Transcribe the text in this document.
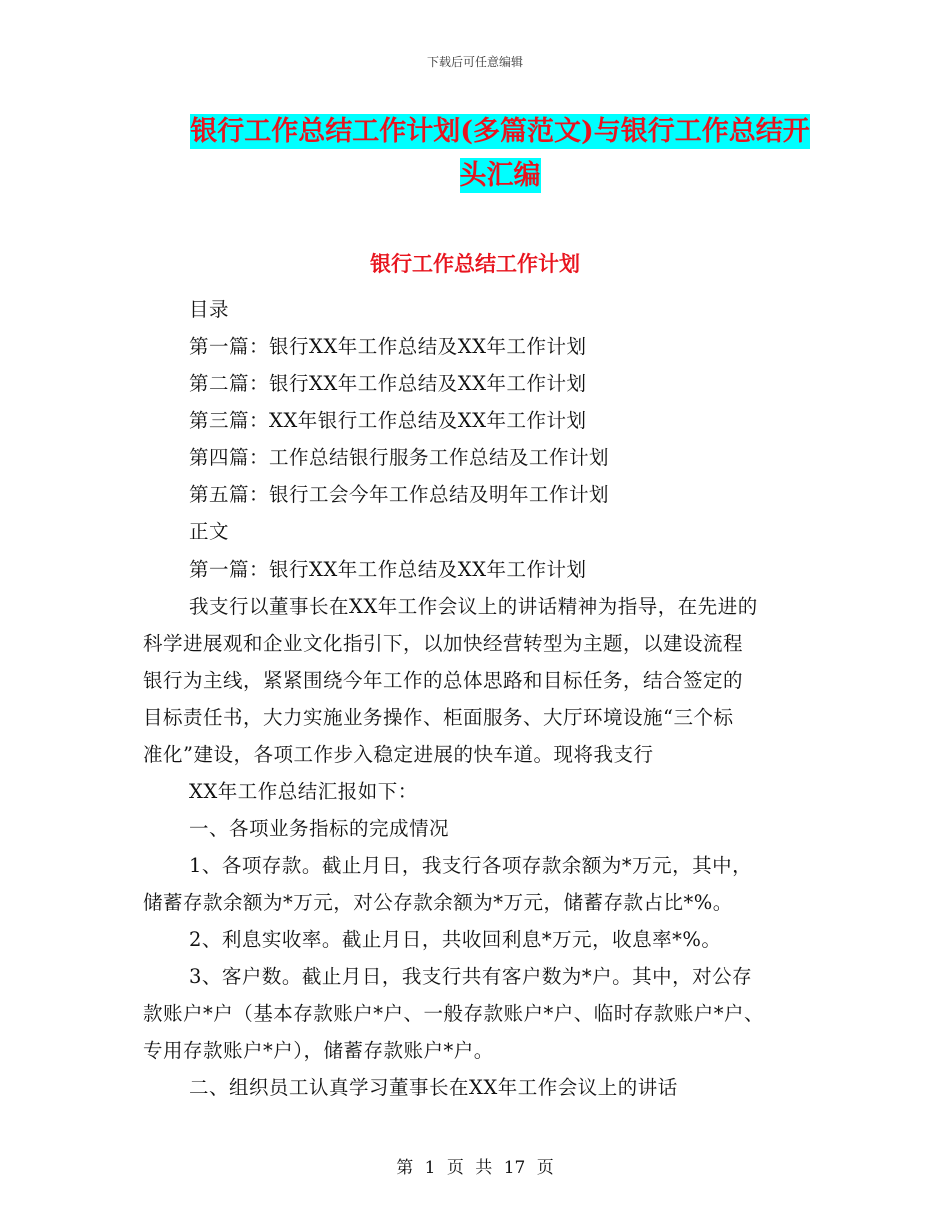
下载后可任意编辑
银行工作总结工作计划(多篇范文)与银行工作总结开
头汇编
银行工作总结工作计划
目录
第一篇：银行XX年工作总结及XX年工作计划
第二篇：银行XX年工作总结及XX年工作计划
第三篇：XX年银行工作总结及XX年工作计划
第四篇：工作总结银行服务工作总结及工作计划
第五篇：银行工会今年工作总结及明年工作计划
正文
第一篇：银行XX年工作总结及XX年工作计划
我支行以董事长在XX年工作会议上的讲话精神为指导，在先进的
科学进展观和企业文化指引下，以加快经营转型为主题，以建设流程
银行为主线，紧紧围绕今年工作的总体思路和目标任务，结合签定的
目标责任书，大力实施业务操作、柜面服务、大厅环境设施“三个标
准化”建设，各项工作步入稳定进展的快车道。现将我支行
XX年工作总结汇报如下：
一、各项业务指标的完成情况
1、各项存款。截止月日，我支行各项存款余额为*万元，其中，
储蓄存款余额为*万元，对公存款余额为*万元，储蓄存款占比*%。
2、利息实收率。截止月日，共收回利息*万元，收息率*%。
3、客户数。截止月日，我支行共有客户数为*户。其中，对公存
款账户*户（基本存款账户*户、一般存款账户*户、临时存款账户*户、
专用存款账户*户），储蓄存款账户*户。
二、组织员工认真学习董事长在XX年工作会议上的讲话
第 1 页 共 17 页
